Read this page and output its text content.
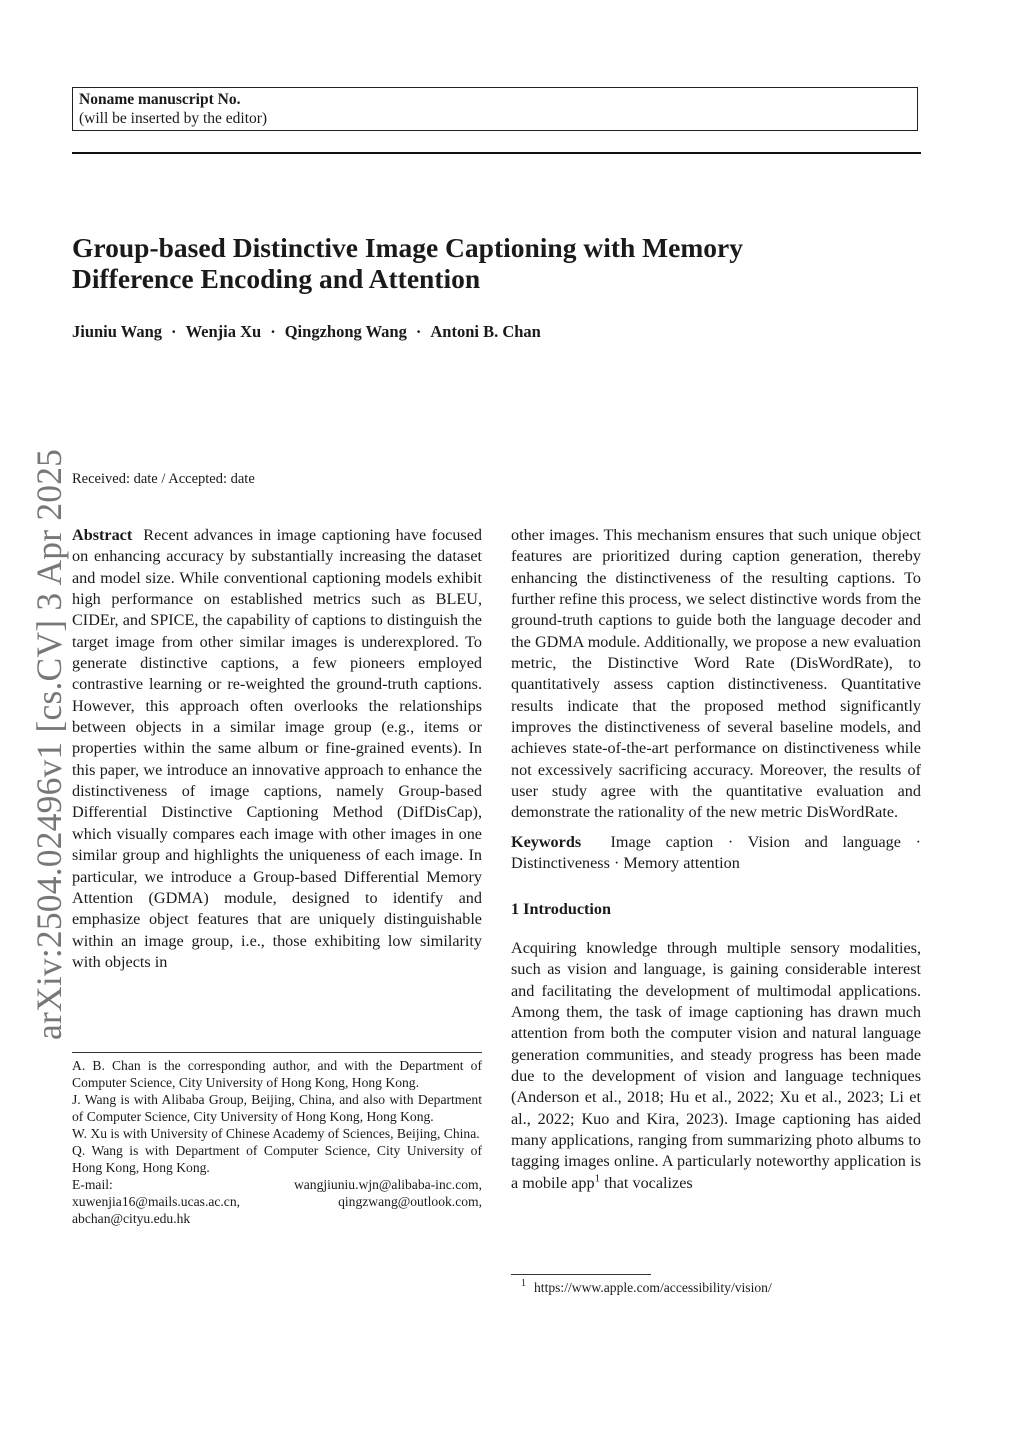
Noname manuscript No.
(will be inserted by the editor)
Group-based Distinctive Image Captioning with Memory
Difference Encoding and Attention
Jiuniu Wang · Wenjia Xu · Qingzhong Wang · Antoni B. Chan
Received: date / Accepted: date
arXiv:2504.02496v1 [cs.CV] 3 Apr 2025 Abstract Recent advances in image captioning have focused on enhancing accuracy by substantially increasing the dataset and model size. While conventional captioning models exhibit high performance on established metrics such as BLEU, CIDEr, and SPICE, the capability of captions to distinguish the target image from other similar images is underexplored. To generate distinctive captions, a few pioneers employed contrastive learning or re-weighted the ground-truth captions. However, this approach often overlooks the relationships between objects in a similar image group (e.g., items or properties within the same album or fine-grained events). In this paper, we introduce an innovative approach to enhance the distinctiveness of image captions, namely Group-based Differential Distinctive Captioning Method (DifDisCap), which visually compares each image with other images in one similar group and highlights the uniqueness of each image. In particular, we introduce a Group-based Differential Memory Attention (GDMA) module, designed to identify and emphasize object features that are uniquely distinguishable within an image group, i.e., those exhibiting low similarity with objects in

A. B. Chan is the corresponding author, and with the Department of Computer Science, City University of Hong Kong, Hong Kong.

J. Wang is with Alibaba Group, Beijing, China, and also with Department of Computer Science, City University of Hong Kong, Hong Kong.

W. Xu is with University of Chinese Academy of Sciences, Beijing, China.

Q. Wang is with Department of Computer Science, City University of Hong Kong, Hong Kong.

E-mail:	wangjiuniu.wjn@alibaba-inc.com,
xuwenjia16@mails.ucas.ac.cn,	qingzwang@outlook.com,
abchan@cityu.edu.hk

other images. This mechanism ensures that such unique object features are prioritized during caption generation, thereby enhancing the distinctiveness of the resulting captions. To further refine this process, we select distinctive words from the ground-truth captions to guide both the language decoder and the GDMA module. Additionally, we propose a new evaluation metric, the Distinctive Word Rate (DisWordRate), to quantitatively assess caption distinctiveness. Quantitative results indicate that the proposed method significantly improves the distinctiveness of several baseline models, and achieves state-of-the-art performance on distinctiveness while not excessively sacrificing accuracy. Moreover, the results of user study agree with the quantitative evaluation and demonstrate the rationality of the new metric DisWordRate.

Keywords Image caption · Vision and language · Distinctiveness · Memory attention

1 Introduction

Acquiring knowledge through multiple sensory modalities, such as vision and language, is gaining considerable interest and facilitating the development of multimodal applications. Among them, the task of image captioning has drawn much attention from both the computer vision and natural language generation communities, and steady progress has been made due to the development of vision and language techniques (Anderson et al., 2018; Hu et al., 2022; Xu et al., 2023; Li et al., 2022; Kuo and Kira, 2023). Image captioning has aided many applications, ranging from summarizing photo albums to tagging images online. A particularly noteworthy application is a mobile app$^1$ that vocalizes

$^1$ https://www.apple.com/accessibility/vision/
